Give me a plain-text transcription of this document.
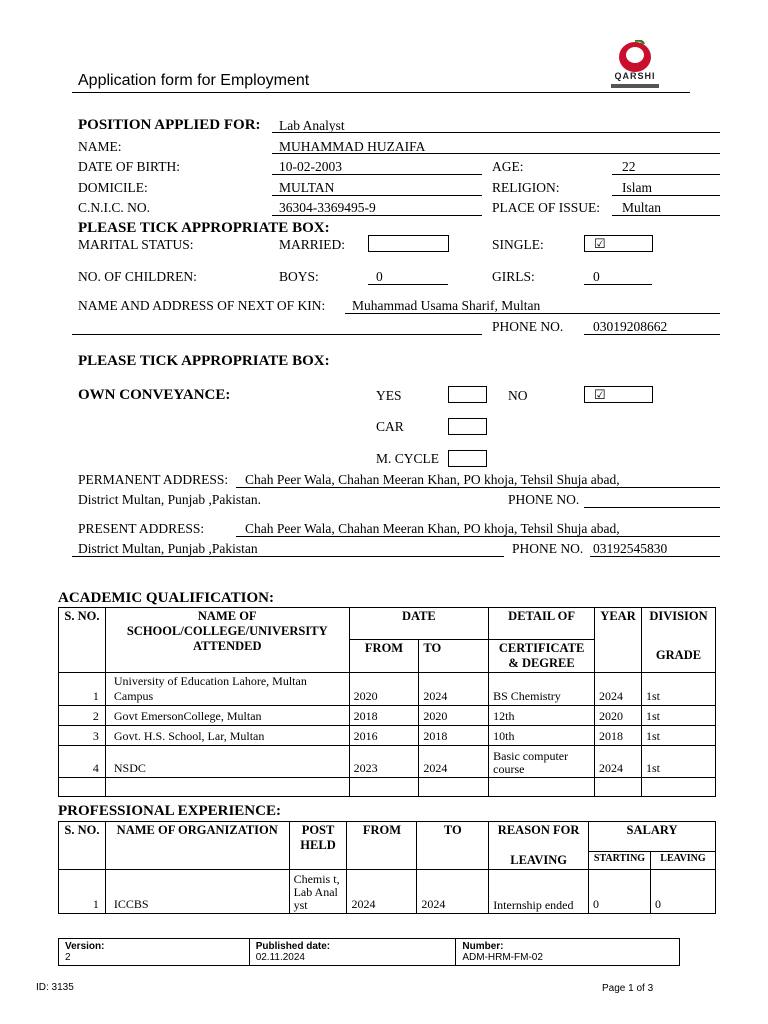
Application form for Employment	QARSHI
POSITION APPLIED FOR: Lab Analyst
NAME:	MUHAMMAD HUZAIFA
DATE OF BIRTH:	10-02-2003	AGE:	22
DOMICILE:	MULTAN	RELIGION:	Islam
C.N.I.C. NO.	36304-3369495-9	PLACE OF ISSUE: Multan
PLEASE TICK APPROPRIATE BOX:
MARITAL STATUS:	MARRIED:	SINGLE:	☑
NO. OF CHILDREN:	BOYS:	0	GIRLS:	0
NAME AND ADDRESS OF NEXT OF KIN: Muhammad Usama Sharif, Multan
PHONE NO. 03019208662
PLEASE TICK APPROPRIATE BOX:
OWN CONVEYANCE:	YES	NO	☑
CAR
M. CYCLE
PERMANENT ADDRESS: Chah Peer Wala, Chahan Meeran Khan, PO khoja, Tehsil Shuja abad,
District Multan, Punjab ,Pakistan.	PHONE NO.
PRESENT ADDRESS:	Chah Peer Wala, Chahan Meeran Khan, PO khoja, Tehsil Shuja abad,
District Multan, Punjab ,Pakistan	PHONE NO. 03192545830
ACADEMIC QUALIFICATION:
S. NO.	NAME OF SCHOOL/COLLEGE/UNIVERSITY ATTENDED	DATE		DETAIL OF	YEAR	DIVISION
		FROM	TO	CERTIFICATE & DEGREE		GRADE
1	University of Education Lahore, Multan Campus	2020	2024	BS Chemistry	2024	1st
2	Govt EmersonCollege, Multan	2018	2020	12th	2020	1st
3	Govt. H.S. School, Lar, Multan	2016	2018	10th	2018	1st
4	NSDC	2023	2024	Basic computer course	2024	1st

PROFESSIONAL EXPERIENCE:
S. NO.	NAME OF ORGANIZATION	POST HELD	FROM	TO	REASON FOR	SALARY	
					LEAVING	STARTING	LEAVING
1	ICCBS	Chemis t, Lab Analyst	2024	2024	Internship ended	0	0
Version:
2

Published date:
02.11.2024

Number:
ADM-HRM-FM-02
ID: 3135	Page 1 of 3
